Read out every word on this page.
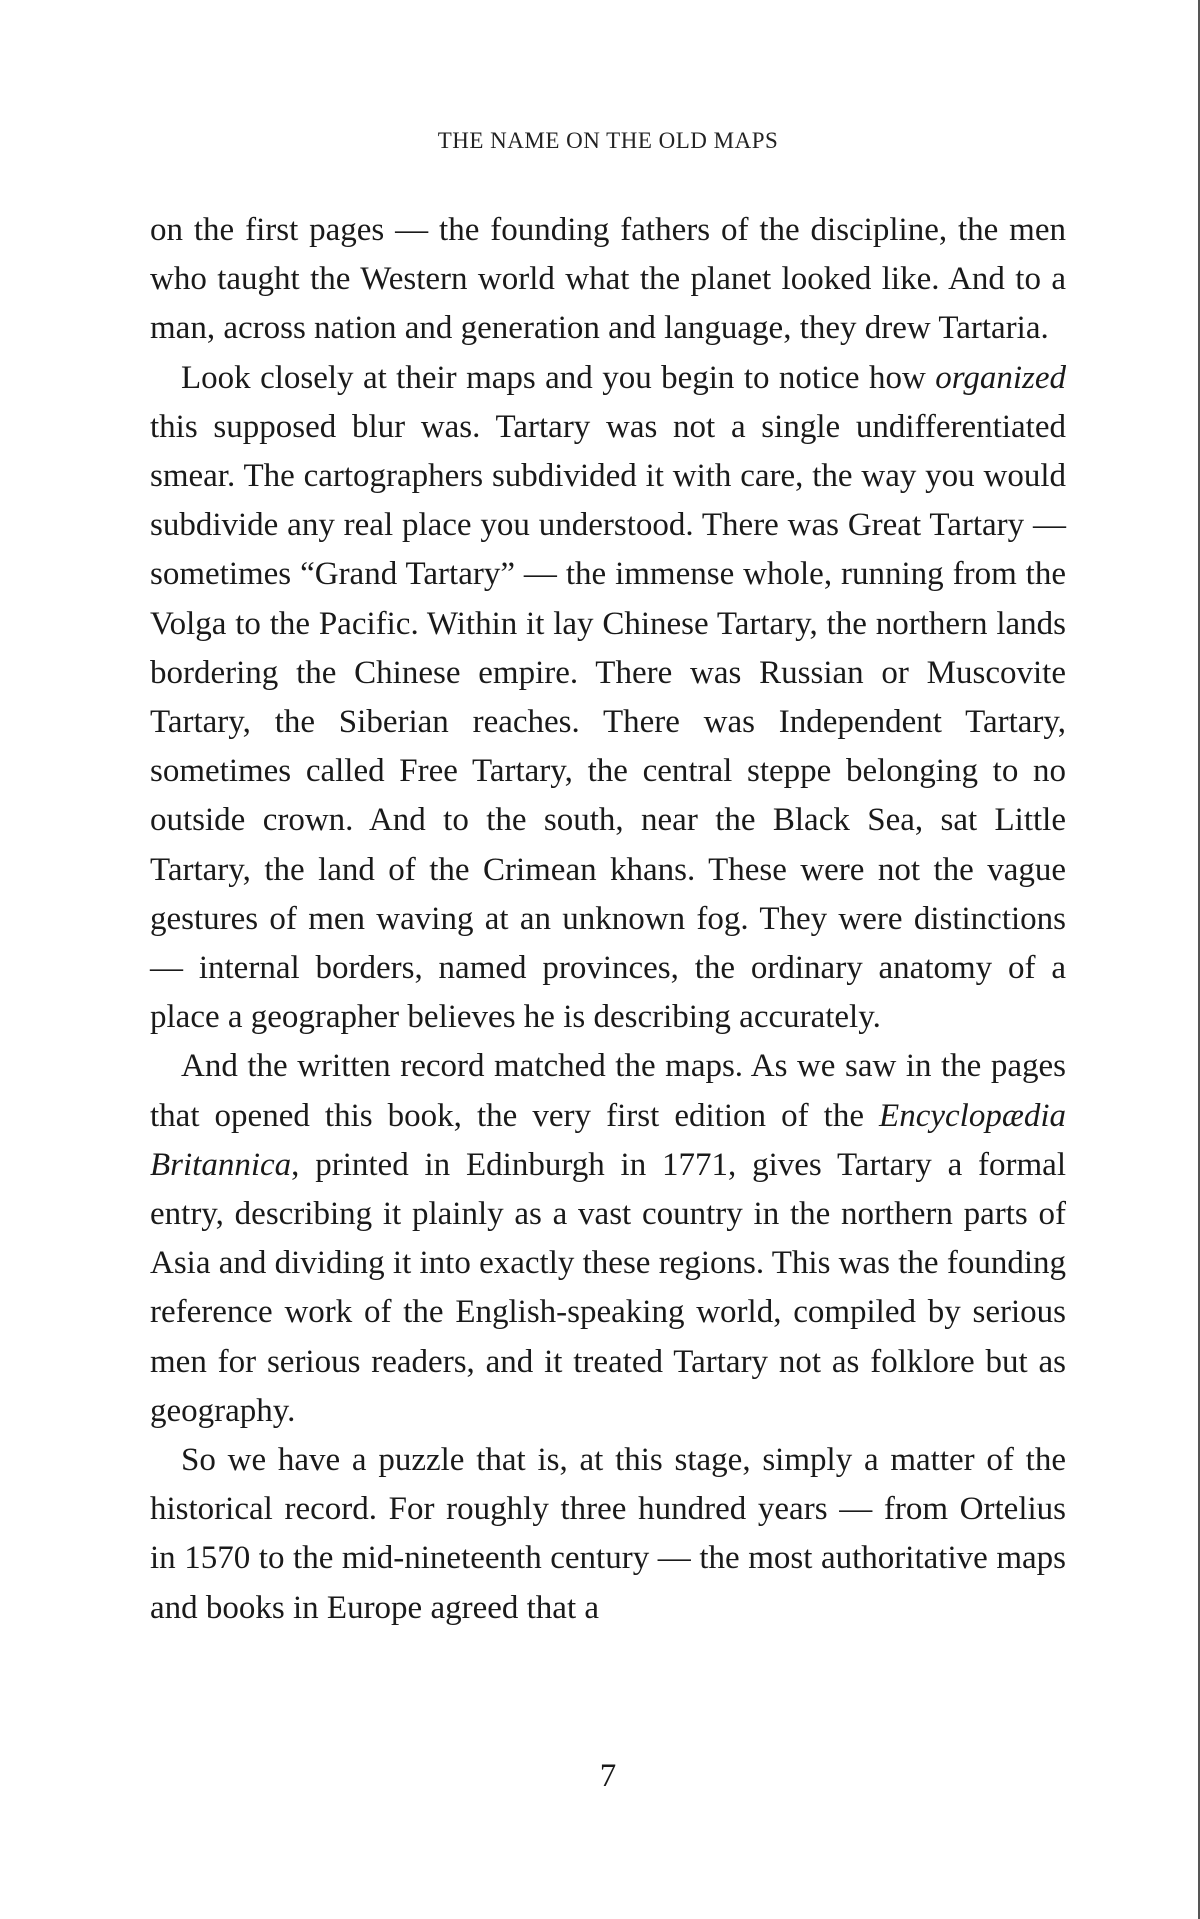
THE NAME ON THE OLD MAPS

on the first pages — the founding fathers of the discipline, the men who taught the Western world what the planet looked like. And to a man, across nation and generation and language, they drew Tartaria.

Look closely at their maps and you begin to notice how organized this supposed blur was. Tartary was not a single undifferentiated smear. The cartographers subdivided it with care, the way you would subdivide any real place you understood. There was Great Tartary — sometimes “Grand Tartary” — the immense whole, running from the Volga to the Pacific. Within it lay Chinese Tartary, the northern lands bordering the Chinese empire. There was Russian or Muscovite Tartary, the Siberian reaches. There was Independent Tartary, sometimes called Free Tartary, the central steppe belonging to no outside crown. And to the south, near the Black Sea, sat Little Tartary, the land of the Crimean khans. These were not the vague gestures of men waving at an unknown fog. They were distinctions — internal borders, named provinces, the ordinary anatomy of a place a geographer believes he is describing accurately.

And the written record matched the maps. As we saw in the pages that opened this book, the very first edition of the Encyclopædia Britannica, printed in Edinburgh in 1771, gives Tartary a formal entry, describing it plainly as a vast country in the northern parts of Asia and dividing it into exactly these regions. This was the founding reference work of the English-speaking world, compiled by serious men for serious readers, and it treated Tartary not as folklore but as geography.

So we have a puzzle that is, at this stage, simply a matter of the historical record. For roughly three hundred years — from Ortelius in 1570 to the mid-nineteenth century — the most authoritative maps and books in Europe agreed that a

7
